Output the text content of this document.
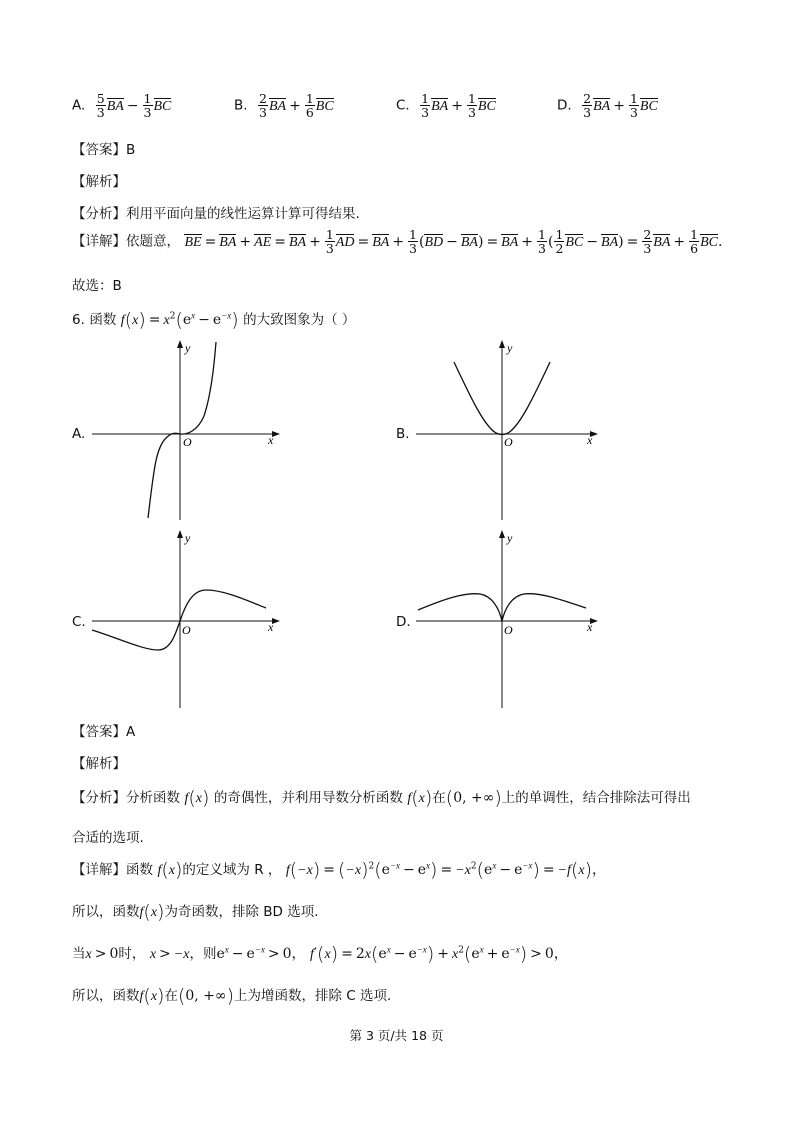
A. $\frac{5}{3}$ BA − $\frac{1}{3}$ BC	B. $\frac{2}{3}$ BA + $\frac{1}{6}$ BC	C. $\frac{1}{3}$ BA + $\frac{1}{3}$ BC	D. $\frac{2}{3}$ BA + $\frac{1}{3}$ BC
【答案】B
【解析】
【分析】利用平面向量的线性运算计算可得结果.
【详解】依题意， BE = BA + AE = BA + $\frac{1}{3}$ AD = BA + $\frac{1}{3} (BD - BA)$ = BA + $\frac{1}{3}$ ( $\frac{1}{2}$ BC − $BA) = \frac{2}{3}$ BA + $\frac{1}{6}$ BC.
故选：B
6. 函数 $f(x) = x^2(e^x - e^{-x})$ 的大致图象为（ ）
A.
y
x
O	B.
y
x
O
C.
y
x
O	D.
y
x
O
【答案】A
【解析】
【分析】分析函数 f(x) 的奇偶性，并利用导数分析函数 f(x)在(0, +∞)上的单调性，结合排除法可得出
合适的选项.
【详解】函数 f(x)的定义域为 R ， $f(-x) = (-x)^2(e^{-x} - e^x) = -x^2(e^x - e^{-x}) = -f(x)$，
所以，函数f(x)为奇函数，排除 BD 选项.
当x > 0时， x > −x，则$e^x - e^{-x} > 0$， $f'(x) = 2x(e^x - e^{-x}) + x^2(e^x + e^{-x}) > 0$，
所以，函数f(x)在(0, +∞)上为增函数，排除 C 选项.
第 3 页/共 18 页
